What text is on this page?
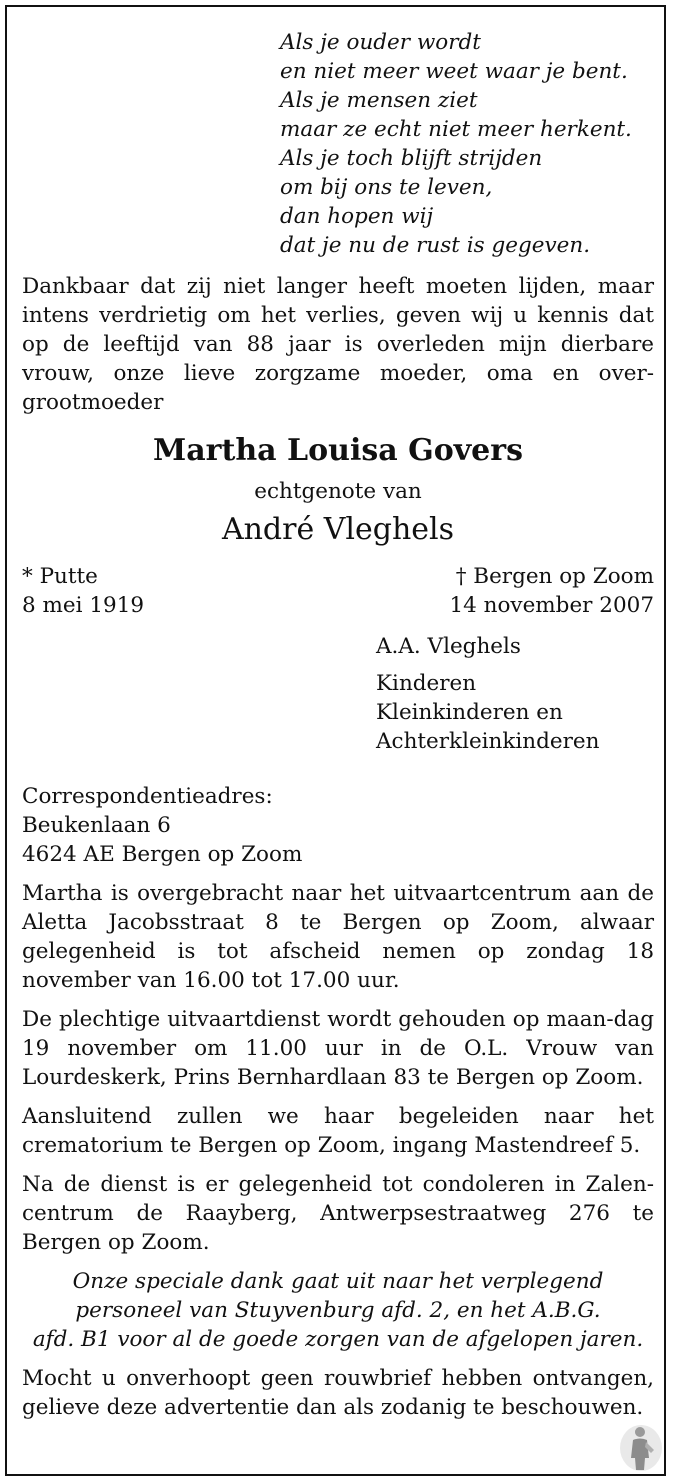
Als je ouder wordt
en niet meer weet waar je bent.
Als je mensen ziet
maar ze echt niet meer herkent.
Als je toch blijft strijden
om bij ons te leven,
dan hopen wij
dat je nu de rust is gegeven.
Dankbaar dat zij niet langer heeft moeten lijden, maar intens verdrietig om het verlies, geven wij u kennis dat op de leeftijd van 88 jaar is overleden mijn dierbare vrouw, onze lieve zorgzame moeder, oma en over-grootmoeder
Martha Louisa Govers
echtgenote van
André Vleghels
* Putte
8 mei 1919
† Bergen op Zoom
14 november 2007
A.A. Vleghels
Kinderen
Kleinkinderen en
Achterkleinkinderen
Correspondentieadres:
Beukenlaan 6
4624 AE Bergen op Zoom
Martha is overgebracht naar het uitvaartcentrum aan de Aletta Jacobsstraat 8 te Bergen op Zoom, alwaar gelegenheid is tot afscheid nemen op zondag 18 november van 16.00 tot 17.00 uur.
De plechtige uitvaartdienst wordt gehouden op maan-dag 19 november om 11.00 uur in de O.L. Vrouw van Lourdeskerk, Prins Bernhardlaan 83 te Bergen op Zoom.
Aansluitend zullen we haar begeleiden naar het crematorium te Bergen op Zoom, ingang Mastendreef 5.
Na de dienst is er gelegenheid tot condoleren in Zalen-centrum de Raayberg, Antwerpsestraatweg 276 te Bergen op Zoom.
Onze speciale dank gaat uit naar het verplegend
personeel van Stuyvenburg afd. 2, en het A.B.G.
afd. B1 voor al de goede zorgen van de afgelopen jaren.
Mocht u onverhoopt geen rouwbrief hebben ontvangen, gelieve deze advertentie dan als zodanig te beschouwen.
